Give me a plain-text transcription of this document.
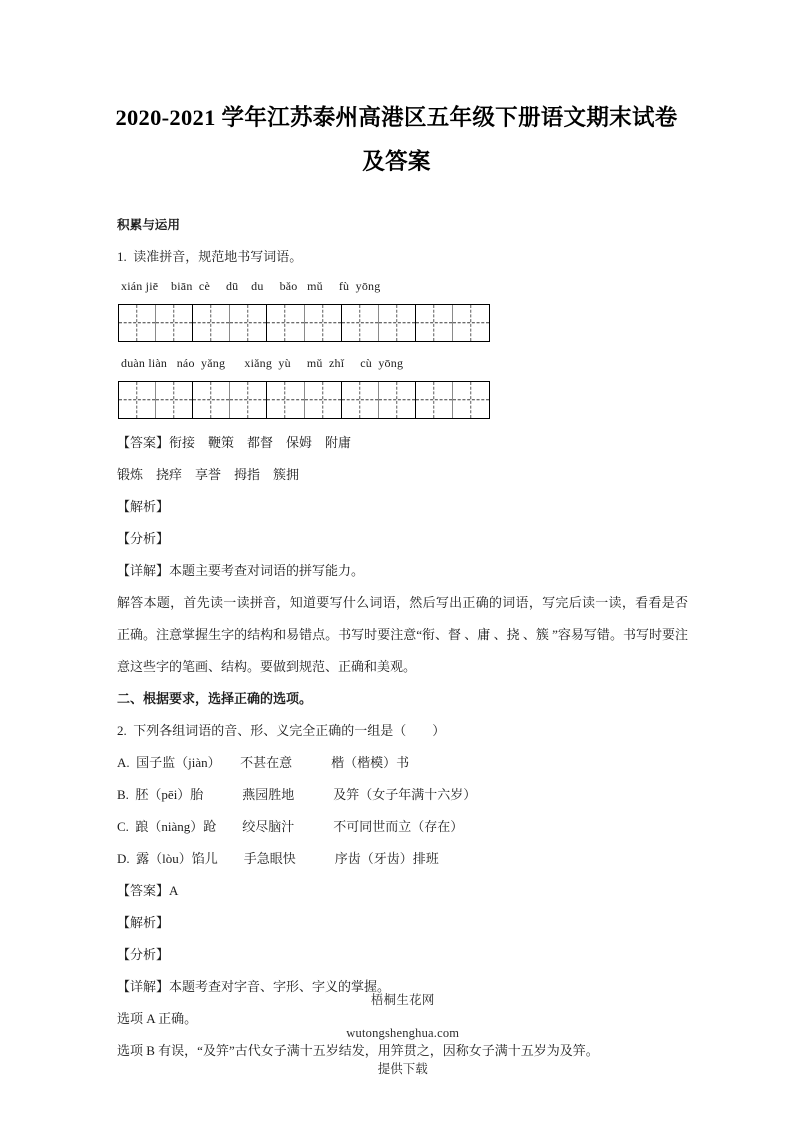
2020-2021 学年江苏泰州高港区五年级下册语文期末试卷及答案

积累与运用

1.  读准拼音，规范地书写词语。

xián jiē    biān  cè     dū    du     bǎo   mǔ     fù  yōng

duàn liàn   náo  yǎng      xiǎng  yù     mǔ  zhǐ     cù  yōng

【答案】衔接　鞭策　都督　保姆　附庸

锻炼　挠痒　享誉　拇指　簇拥

【解析】

【分析】

【详解】本题主要考查对词语的拼写能力。

解答本题，首先读一读拼音，知道要写什么词语，然后写出正确的词语，写完后读一读，看看是否正确。注意掌握生字的结构和易错点。书写时要注意“衔、督 、庸 、挠 、簇 ”容易写错。书写时要注意这些字的笔画、结构。要做到规范、正确和美观。

二、根据要求，选择正确的选项。

2.  下列各组词语的音、形、义完全正确的一组是（　　）

A.  国子监（jiàn）　　不甚在意　　　楷（楷模）书

B.  胚（pēi）胎　　　燕园胜地　　　及笄（女子年满十六岁）

C.  踉（niàng）跄　　绞尽脑汁　　　不可同世而立（存在）

D.  露（lòu）馅儿　　手急眼快　　　序齿（牙齿）排班

【答案】A

【解析】

【分析】

【详解】本题考查对字音、字形、字义的掌握。

选项 A 正确。

选项 B 有误，“及笄”古代女子满十五岁结发，用笄贯之，因称女子满十五岁为及笄。

梧桐生花网

wutongshenghua.com

提供下载
